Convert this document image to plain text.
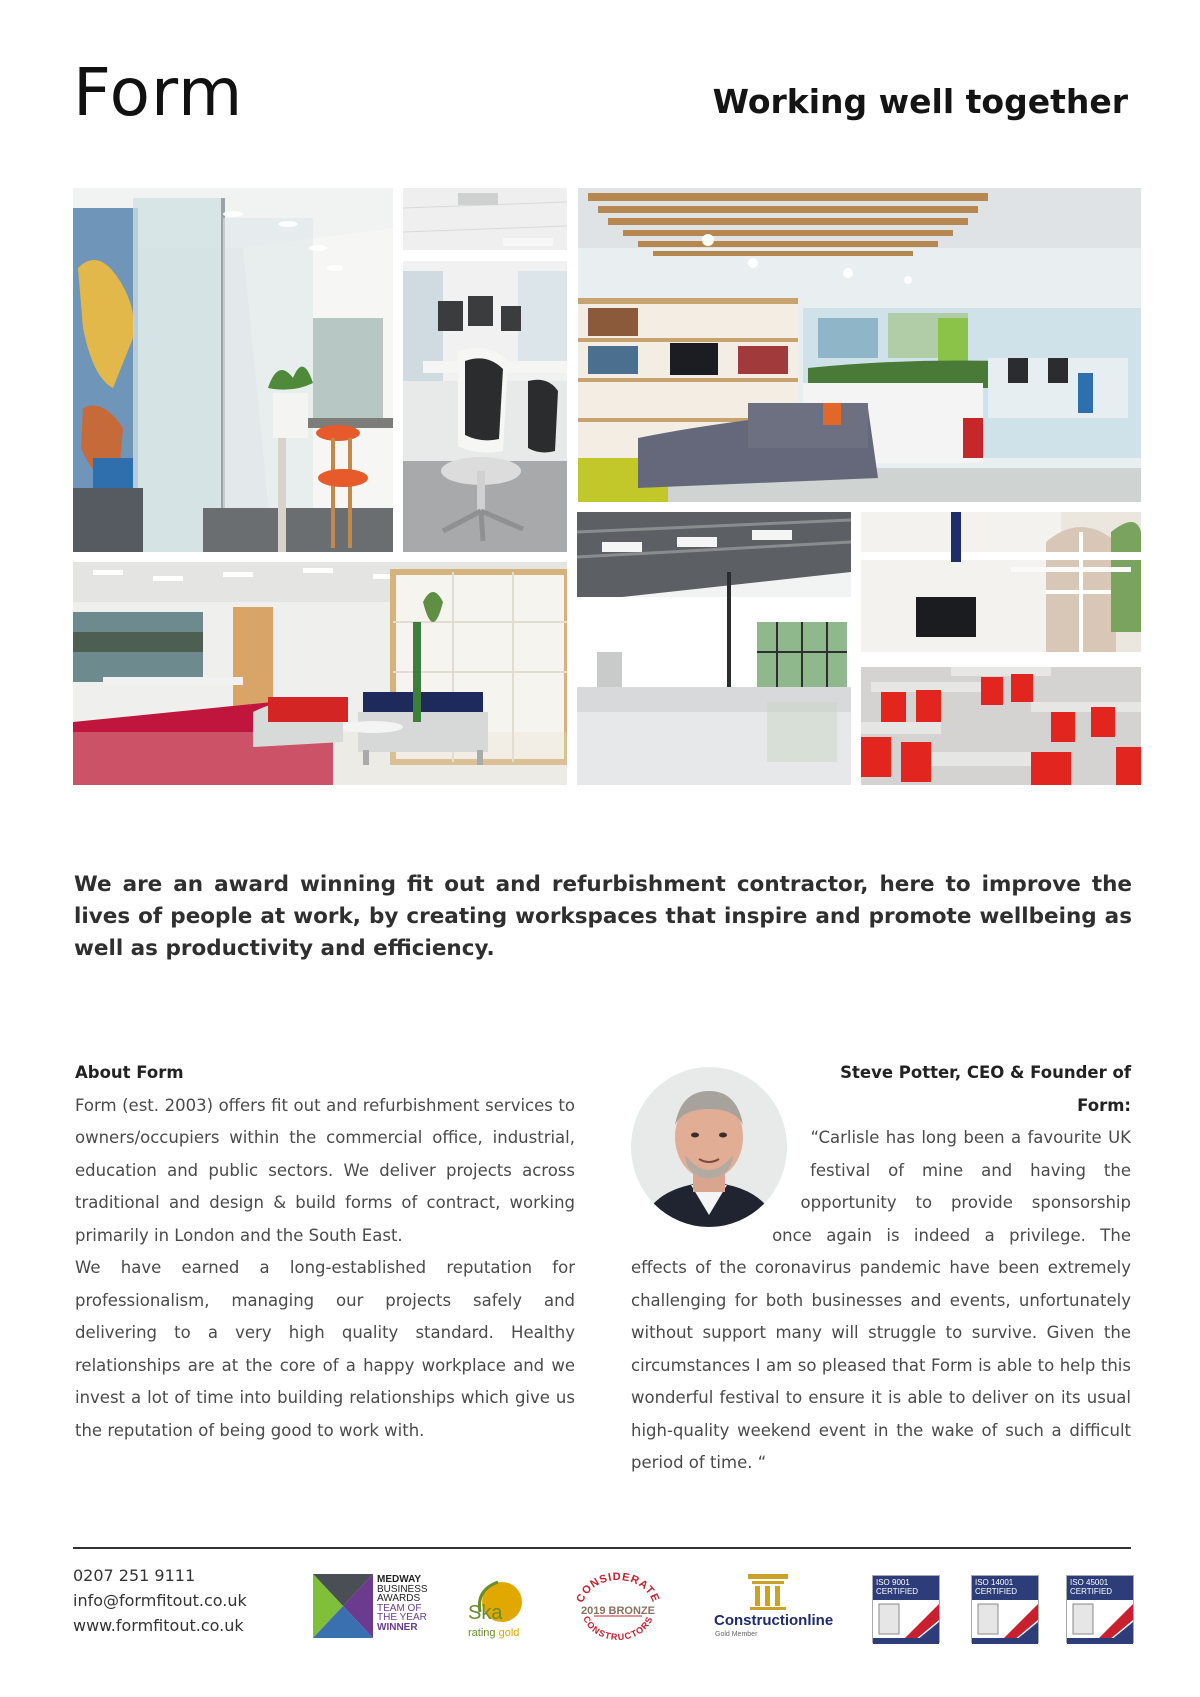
Form	Working well together
We are an award winning fit out and refurbishment contractor, here to improve the lives of people at work, by creating workspaces that inspire and promote wellbeing as well as productivity and efficiency.

About Form

Form (est. 2003) offers fit out and refurbishment services to owners/occupiers within the commercial office, industrial, education and public sectors. We deliver projects across traditional and design & build forms of contract, working primarily in London and the South East.

We have earned a long-established reputation for professionalism, managing our projects safely and delivering to a very high quality standard. Healthy relationships are at the core of a happy workplace and we invest a lot of time into building relationships which give us the reputation of being good to work with.

Steve Potter, CEO & Founder of Form:

“Carlisle has long been a favourite UK festival of mine and having the opportunity to provide sponsorship once again is indeed a privilege. The effects of the coronavirus pandemic have been extremely challenging for both businesses and events, unfortunately without support many will struggle to survive. Given the circumstances I am so pleased that Form is able to help this wonderful festival to ensure it is able to deliver on its usual high-quality weekend event in the wake of such a difficult period of time. “

0207 251 9111
info@formfitout.co.uk
www.formfitout.co.uk
MEDWAY
BUSINESS
AWARDS
TEAM OF
THE YEAR
WINNER
Ska
rating gold
CONSIDERATE
CONSTRUCTORS
2019 BRONZE
Constructionline
Gold Member
ISO 9001 CERTIFIED
ISO 14001 CERTIFIED
ISO 45001 CERTIFIED
